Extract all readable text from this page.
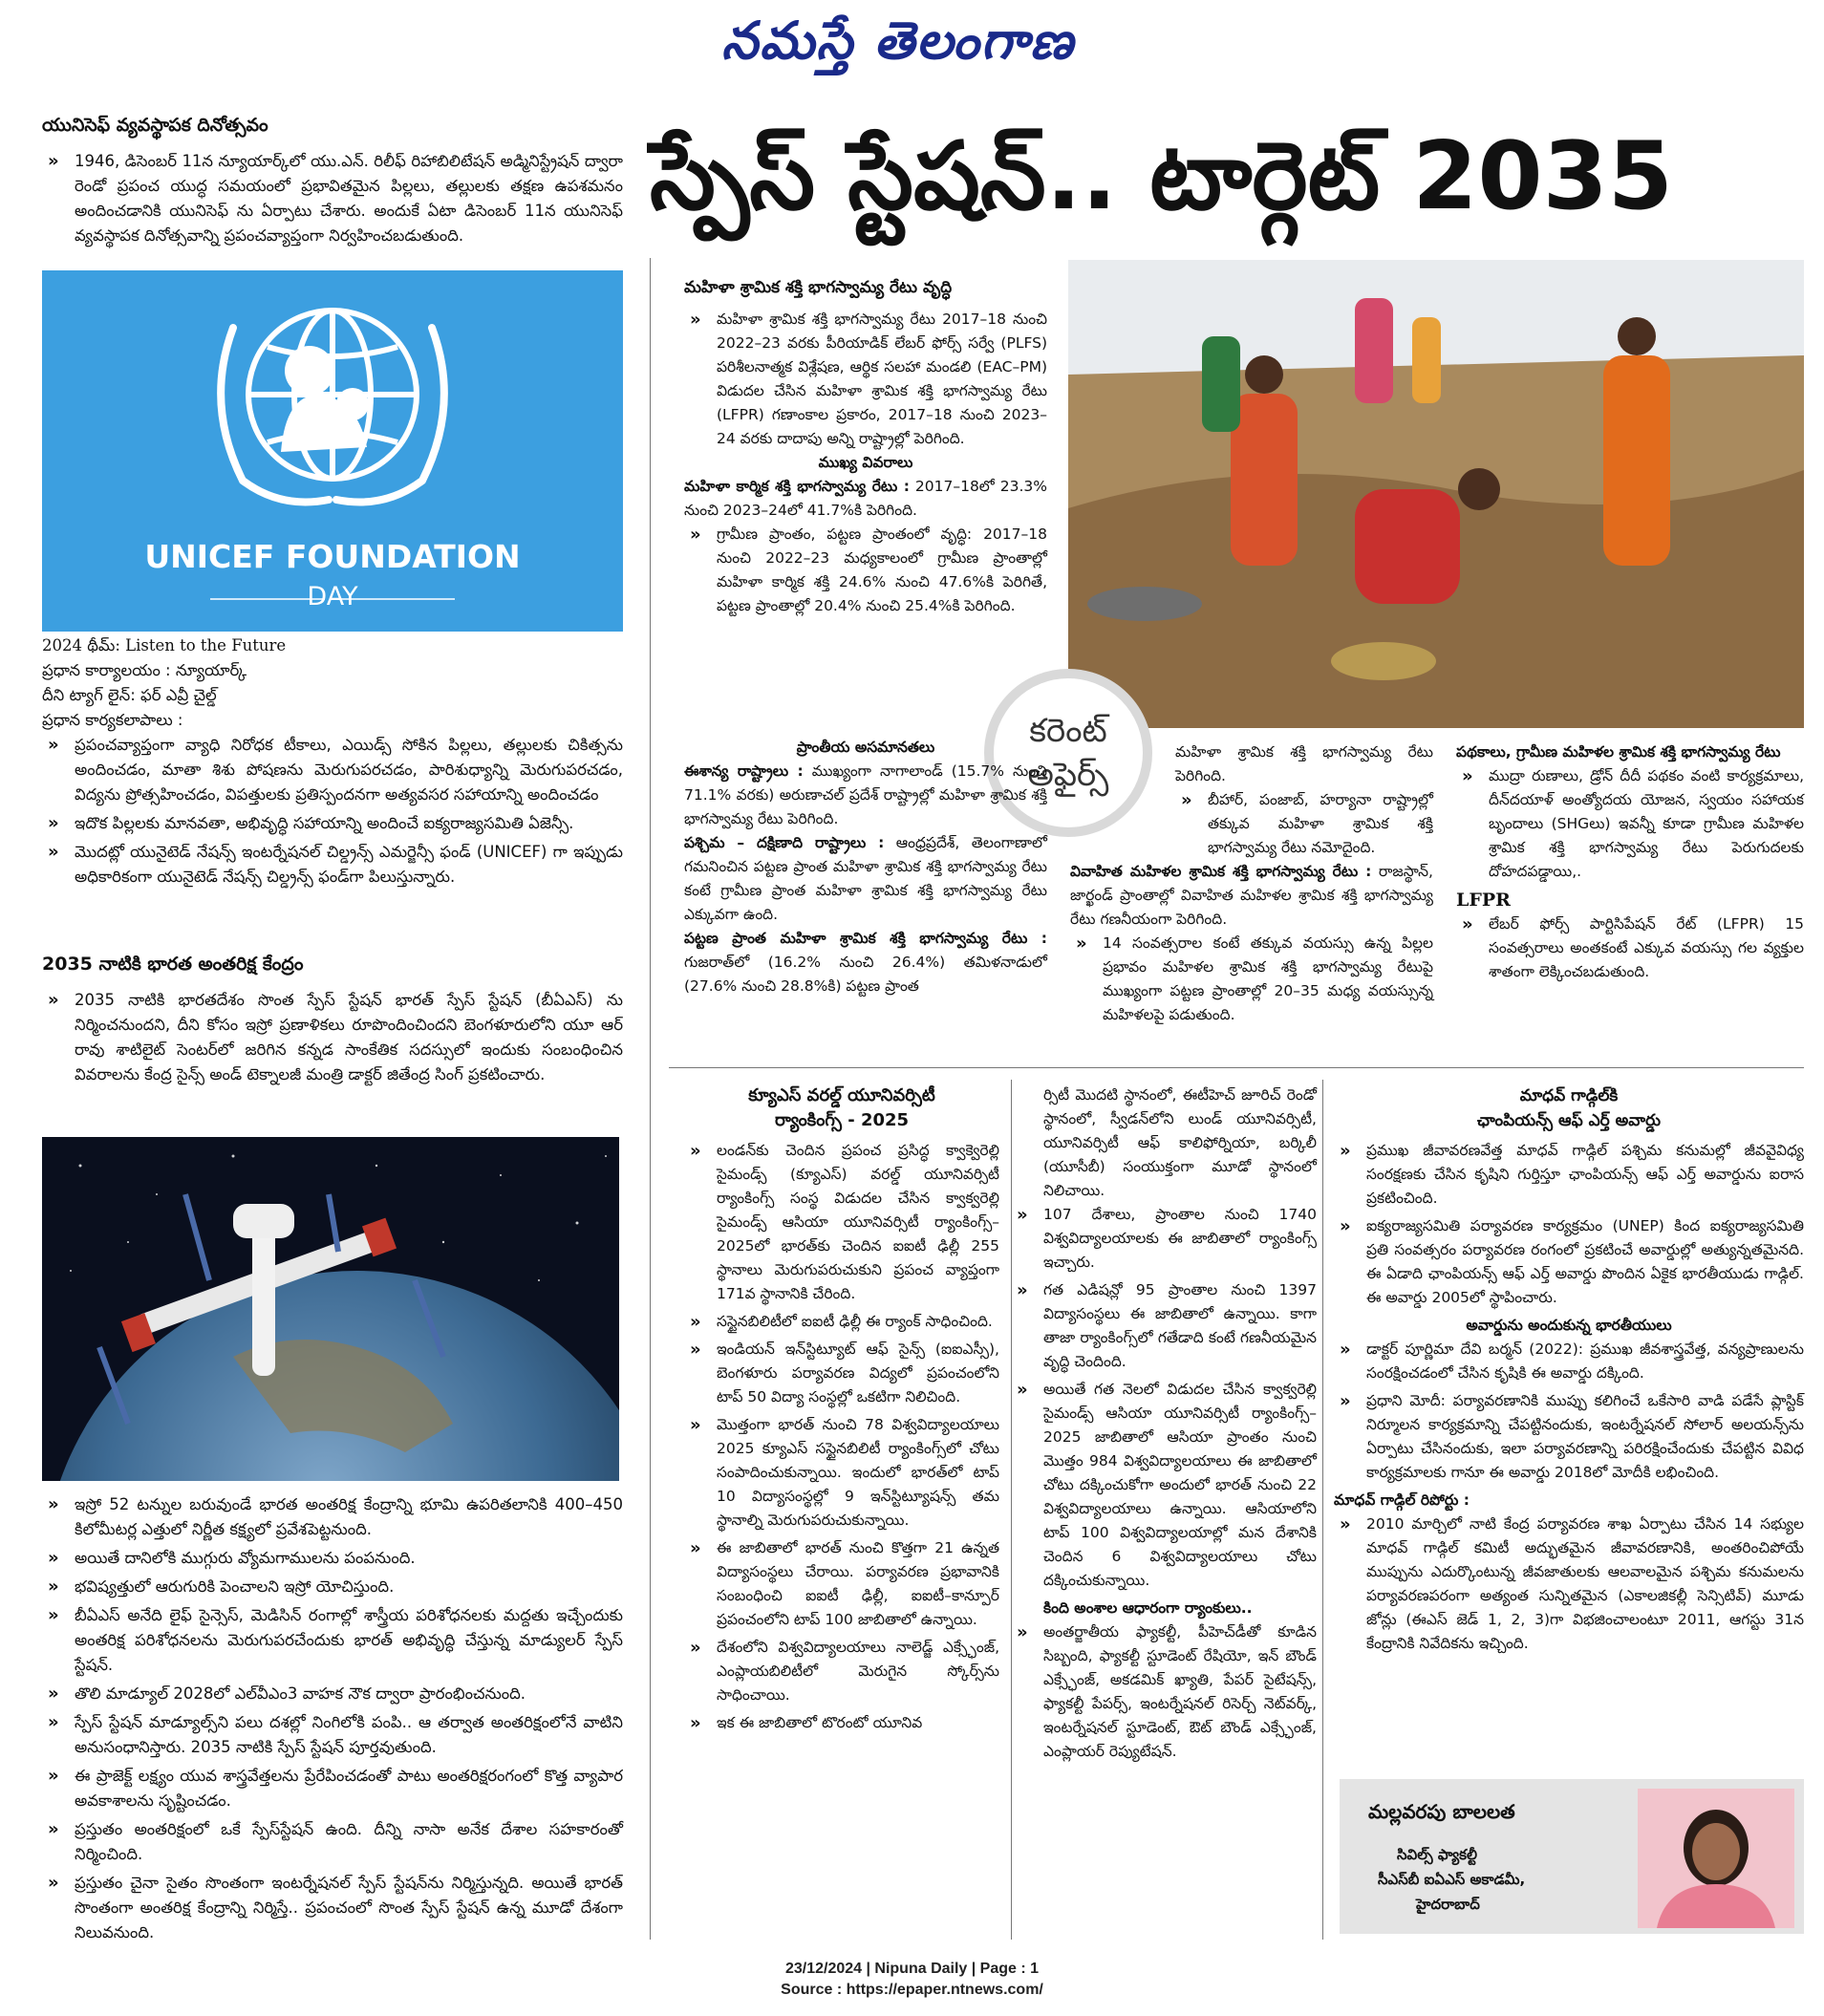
నమస్తే తెలంగాణ
స్పేస్ స్టేషన్.. టార్గెట్ 2035
యునిసెఫ్ వ్యవస్థాపక దినోత్సవం
» 1946, డిసెంబర్ 11న న్యూయార్క్‌లో యు.ఎన్. రిలీఫ్ రిహాబిలిటేషన్ అడ్మినిస్ట్రేషన్ ద్వారా రెండో ప్రపంచ యుద్ధ సమయంలో ప్రభావితమైన పిల్లలు, తల్లులకు తక్షణ ఉపశమనం అందించడానికి యునిసెఫ్ ను ఏర్పాటు చేశారు. అందుకే ఏటా డిసెంబర్ 11న యునిసెఫ్ వ్యవస్థాపక దినోత్సవాన్ని ప్రపంచవ్యాప్తంగా నిర్వహించబడుతుంది.
UNICEF FOUNDATION
DAY
2024 థీమ్: Listen to the Future
ప్రధాన కార్యాలయం : న్యూయార్క్
దీని ట్యాగ్ లైన్: ఫర్ ఎవ్రీ చైల్డ్
ప్రధాన కార్యకలాపాలు :
» ప్రపంచవ్యాప్తంగా వ్యాధి నిరోధక టీకాలు, ఎయిడ్స్ సోకిన పిల్లలు, తల్లులకు చికిత్సను అందించడం, మాతా శిశు పోషణను మెరుగుపరచడం, పారిశుధ్యాన్ని మెరుగుపరచడం, విద్యను ప్రోత్సహించడం, విపత్తులకు ప్రతిస్పందనగా అత్యవసర సహాయాన్ని అందించడం
» ఇదొక పిల్లలకు మానవతా, అభివృద్ధి సహాయాన్ని అందించే ఐక్యరాజ్యసమితి ఏజెన్సీ.
» మొదట్లో యునైటెడ్ నేషన్స్ ఇంటర్నేషనల్ చిల్డ్రన్స్ ఎమర్జెన్సీ ఫండ్ (UNICEF) గా ఇప్పుడు అధికారికంగా యునైటెడ్ నేషన్స్ చిల్డ్రన్స్ ఫండ్‌గా పిలుస్తున్నారు.
2035 నాటికి భారత అంతరిక్ష కేంద్రం
» 2035 నాటికి భారతదేశం సొంత స్పేస్ స్టేషన్ భారత్ స్పేస్ స్టేషన్ (బీఏఎస్) ను నిర్మించనుందని, దీని కోసం ఇస్రో ప్రణాళికలు రూపొందించిందని బెంగళూరులోని యూ ఆర్ రావు శాటిలైట్ సెంటర్‌లో జరిగిన కన్నడ సాంకేతిక సదస్సులో ఇందుకు సంబంధించిన వివరాలను కేంద్ర సైన్స్ అండ్ టెక్నాలజీ మంత్రి డాక్టర్ జితేంద్ర సింగ్ ప్రకటించారు.
» ఇస్రో 52 టన్నుల బరువుండే భారత అంతరిక్ష కేంద్రాన్ని భూమి ఉపరితలానికి 400–450 కిలోమీటర్ల ఎత్తులో నిర్ణీత కక్ష్యలో ప్రవేశపెట్టనుంది.
» అయితే దానిలోకి ముగ్గురు వ్యోమగాములను పంపనుంది.
» భవిష్యత్తులో ఆరుగురికి పెంచాలని ఇస్రో యోచిస్తుంది.
» బీఏఎస్ అనేది లైఫ్ సైన్సెస్, మెడిసిన్ రంగాల్లో శాస్త్రీయ పరిశోధనలకు మద్దతు ఇచ్చేందుకు అంతరిక్ష పరిశోధనలను మెరుగుపరచేందుకు భారత్ అభివృద్ధి చేస్తున్న మాడ్యులర్ స్పేస్ స్టేషన్.
» తొలి మాడ్యూల్ 2028లో ఎల్‌వీఎం3 వాహక నౌక ద్వారా ప్రారంభించనుంది.
» స్పేస్ స్టేషన్ మాడ్యూల్స్‌ని పలు దశల్లో నింగిలోకి పంపి.. ఆ తర్వాత అంతరిక్షంలోనే వాటిని అనుసంధానిస్తారు. 2035 నాటికి స్పేస్ స్టేషన్ పూర్తవుతుంది.
» ఈ ప్రాజెక్ట్ లక్ష్యం యువ శాస్త్రవేత్తలను ప్రేరేపించడంతో పాటు అంతరిక్షరంగంలో కొత్త వ్యాపార అవకాశాలను సృష్టించడం.
» ప్రస్తుతం అంతరిక్షంలో ఒకే స్పేస్‌స్టేషన్ ఉంది. దీన్ని నాసా అనేక దేశాల సహకారంతో నిర్మించింది.
» ప్రస్తుతం చైనా సైతం సొంతంగా ఇంటర్నేషనల్ స్పేస్ స్టేషన్‌ను నిర్మిస్తున్నది. అయితే భారత్ సొంతంగా అంతరిక్ష కేంద్రాన్ని నిర్మిస్తే.. ప్రపంచంలో సొంత స్పేస్ స్టేషన్ ఉన్న మూడో దేశంగా నిలువనుంది.
మహిళా శ్రామిక శక్తి భాగస్వామ్య రేటు వృద్ధి
» మహిళా శ్రామిక శక్తి భాగస్వామ్య రేటు 2017–18 నుంచి 2022–23 వరకు పీరియాడిక్ లేబర్ ఫోర్స్ సర్వే (PLFS) పరిశీలనాత్మక విశ్లేషణ, ఆర్థిక సలహా మండలి (EAC–PM) విడుదల చేసిన మహిళా శ్రామిక శక్తి భాగస్వామ్య రేటు (LFPR) గణాంకాల ప్రకారం, 2017–18 నుంచి 2023–24 వరకు దాదాపు అన్ని రాష్ట్రాల్లో పెరిగింది.
ముఖ్య వివరాలు
మహిళా కార్మిక శక్తి భాగస్వామ్య రేటు : 2017–18లో 23.3% నుంచి 2023–24లో 41.7%కి పెరిగింది.
» గ్రామీణ ప్రాంతం, పట్టణ ప్రాంతంలో వృద్ధి: 2017–18 నుంచి 2022–23 మధ్యకాలంలో గ్రామీణ ప్రాంతాల్లో మహిళా కార్మిక శక్తి 24.6% నుంచి 47.6%కి పెరిగితే, పట్టణ ప్రాంతాల్లో 20.4% నుంచి 25.4%కి పెరిగింది.
కరెంట్
అఫైర్స్
ప్రాంతీయ అసమానతలు
ఈశాన్య రాష్ట్రాలు : ముఖ్యంగా నాగాలాండ్ (15.7% నుంచి 71.1% వరకు) అరుణాచల్ ప్రదేశ్ రాష్ట్రాల్లో మహిళా శ్రామిక శక్తి భాగస్వామ్య రేటు పెరిగింది.
పశ్చిమ – దక్షిణాది రాష్ట్రాలు : ఆంధ్రప్రదేశ్, తెలంగాణాలో గమనించిన పట్టణ ప్రాంత మహిళా శ్రామిక శక్తి భాగస్వామ్య రేటు కంటే గ్రామీణ ప్రాంత మహిళా శ్రామిక శక్తి భాగస్వామ్య రేటు ఎక్కువగా ఉంది.
పట్టణ ప్రాంత మహిళా శ్రామిక శక్తి భాగస్వామ్య రేటు : గుజరాత్‌లో (16.2% నుంచి 26.4%) తమిళనాడులో (27.6% నుంచి 28.8%కి) పట్టణ ప్రాంత
మహిళా శ్రామిక శక్తి భాగస్వామ్య రేటు పెరిగింది.
» బీహార్, పంజాబ్, హర్యానా రాష్ట్రాల్లో తక్కువ మహిళా శ్రామిక శక్తి భాగస్వామ్య రేటు నమోదైంది.
వివాహిత మహిళల శ్రామిక శక్తి భాగస్వామ్య రేటు : రాజస్థాన్, జార్ఖండ్ ప్రాంతాల్లో వివాహిత మహిళల శ్రామిక శక్తి భాగస్వామ్య రేటు గణనీయంగా పెరిగింది.
» 14 సంవత్సరాల కంటే తక్కువ వయస్సు ఉన్న పిల్లల ప్రభావం మహిళల శ్రామిక శక్తి భాగస్వామ్య రేటుపై ముఖ్యంగా పట్టణ ప్రాంతాల్లో 20–35 మధ్య వయస్సున్న మహిళలపై పడుతుంది.
పథకాలు, గ్రామీణ మహిళల శ్రామిక శక్తి భాగస్వామ్య రేటు
» ముద్రా రుణాలు, డ్రోన్ దీదీ పథకం వంటి కార్యక్రమాలు, దీన్‌దయాళ్ అంత్యోదయ యోజన, స్వయం సహాయక బృందాలు (SHGలు) ఇవన్నీ కూడా గ్రామీణ మహిళల శ్రామిక శక్తి భాగస్వామ్య రేటు పెరుగుదలకు దోహదపడ్డాయి,.
LFPR
» లేబర్ ఫోర్స్ పార్టిసిపేషన్ రేట్ (LFPR) 15 సంవత్సరాలు అంతకంటే ఎక్కువ వయస్సు గల వ్యక్తుల శాతంగా లెక్కించబడుతుంది.
క్యూఎస్ వరల్డ్ యూనివర్సిటీ
ర్యాంకింగ్స్ - 2025
» లండన్‌కు చెందిన ప్రపంచ ప్రసిద్ధ క్వాక్వెరెల్లి సైమండ్స్ (క్యూఎస్) వరల్డ్ యూనివర్సిటీ ర్యాంకింగ్స్ సంస్థ విడుదల చేసిన క్వాక్వరెల్లి సైమండ్స్ ఆసియా యూనివర్సిటీ ర్యాంకింగ్స్–2025లో భారత్‌కు చెందిన ఐఐటీ ఢిల్లీ 255 స్థానాలు మెరుగుపరుచుకుని ప్రపంచ వ్యాప్తంగా 171వ స్థానానికి చేరింది.
» సస్టైనబిలిటీలో ఐఐటీ ఢిల్లీ ఈ ర్యాంక్ సాధించింది.
» ఇండియన్ ఇన్‌స్టిట్యూట్ ఆఫ్ సైన్స్ (ఐఐఎస్సీ), బెంగళూరు పర్యావరణ విద్యలో ప్రపంచంలోని టాప్ 50 విద్యా సంస్థల్లో ఒకటిగా నిలిచింది.
» మొత్తంగా భారత్ నుంచి 78 విశ్వవిద్యాలయాలు 2025 క్యూఎస్ సస్టైనబిలిటీ ర్యాంకింగ్స్‌లో చోటు సంపాదించుకున్నాయి. ఇందులో భారత్‌లో టాప్ 10 విద్యాసంస్థల్లో 9 ఇన్‌స్టిట్యూషన్స్ తమ స్థానాల్ని మెరుగుపరుచుకున్నాయి.
» ఈ జాబితాలో భారత్ నుంచి కొత్తగా 21 ఉన్నత విద్యాసంస్థలు చేరాయి. పర్యావరణ ప్రభావానికి సంబంధించి ఐఐటీ ఢిల్లీ, ఐఐటీ–కాన్పూర్ ప్రపంచంలోని టాప్ 100 జాబితాలో ఉన్నాయి.
» దేశంలోని విశ్వవిద్యాలయాలు నాలెడ్జ్ ఎక్స్ఛేంజ్, ఎంప్లాయబిలిటీలో మెరుగైన స్కోర్స్‌ను సాధించాయి.
» ఇక ఈ జాబితాలో టొరంటో యూనివ
ర్సిటీ మొదటి స్థానంలో, ఈటీహెచ్ జూరిచ్ రెండో స్థానంలో, స్వీడన్‌లోని లుండ్ యూనివర్సిటీ, యూనివర్సిటీ ఆఫ్ కాలిఫోర్నియా, బర్కిలీ (యూసీబీ) సంయుక్తంగా మూడో స్థానంలో నిలిచాయి.
» 107 దేశాలు, ప్రాంతాల నుంచి 1740 విశ్వవిద్యాలయాలకు ఈ జాబితాలో ర్యాంకింగ్స్ ఇచ్చారు.
» గత ఎడిషన్లో 95 ప్రాంతాల నుంచి 1397 విద్యాసంస్థలు ఈ జాబితాలో ఉన్నాయి. కాగా తాజా ర్యాంకింగ్స్‌లో గతేడాది కంటే గణనీయమైన వృద్ధి చెందింది.
» అయితే గత నెలలో విడుదల చేసిన క్వాక్వరెల్లి సైమండ్స్ ఆసియా యూనివర్సిటీ ర్యాంకింగ్స్–2025 జాబితాలో ఆసియా ప్రాంతం నుంచి మొత్తం 984 విశ్వవిద్యాలయాలు ఈ జాబితాలో చోటు దక్కించుకోగా అందులో భారత్ నుంచి 22 విశ్వవిద్యాలయాలు ఉన్నాయి. ఆసియాలోని టాప్ 100 విశ్వవిద్యాలయాల్లో మన దేశానికి చెందిన 6 విశ్వవిద్యాలయాలు చోటు దక్కించుకున్నాయి.
కింది అంశాల ఆధారంగా ర్యాంకులు..
» అంతర్జాతీయ ఫ్యాకల్టీ, పీహెచ్‌డీతో కూడిన సిబ్బంది, ఫ్యాకల్టీ స్టూడెంట్ రేషియో, ఇన్ బౌండ్ ఎక్స్ఛేంజ్, అకడమిక్ ఖ్యాతి, పేపర్ సైటేషన్స్, ఫ్యాకల్టీ పేపర్స్, ఇంటర్నేషనల్ రిసెర్చ్ నెట్‌వర్క్, ఇంటర్నేషనల్ స్టూడెంట్, ఔట్ బౌండ్ ఎక్స్ఛేంజ్, ఎంప్లాయర్ రెప్యుటేషన్.
మాధవ్ గాడ్గిల్‌కి
ఛాంపియన్స్ ఆఫ్ ఎర్త్ అవార్డు
» ప్రముఖ జీవావరణవేత్త మాధవ్ గాడ్గిల్ పశ్చిమ కనుమల్లో జీవవైవిధ్య సంరక్షణకు చేసిన కృషిని గుర్తిస్తూ ఛాంపియన్స్ ఆఫ్ ఎర్త్ అవార్డును ఐరాస ప్రకటించింది.
» ఐక్యరాజ్యసమితి పర్యావరణ కార్యక్రమం (UNEP) కింద ఐక్యరాజ్యసమితి ప్రతి సంవత్సరం పర్యావరణ రంగంలో ప్రకటించే అవార్డుల్లో అత్యున్నతమైనది. ఈ ఏడాది ఛాంపియన్స్ ఆఫ్ ఎర్త్ అవార్డు పొందిన ఏకైక భారతీయుడు గాడ్గిల్. ఈ అవార్డు 2005లో స్థాపించారు.
అవార్డును అందుకున్న భారతీయులు
» డాక్టర్ పూర్ణిమా దేవి బర్మన్ (2022): ప్రముఖ జీవశాస్త్రవేత్త, వన్యప్రాణులను సంరక్షించడంలో చేసిన కృషికి ఈ అవార్డు దక్కింది.
» ప్రధాని మోదీ: పర్యావరణానికి ముప్పు కలిగించే ఒకేసారి వాడి పడేసే ప్లాస్టిక్ నిర్మూలన కార్యక్రమాన్ని చేపట్టినందుకు, ఇంటర్నేషనల్ సోలార్ అలయన్స్‌ను ఏర్పాటు చేసినందుకు, ఇలా పర్యావరణాన్ని పరిరక్షించేందుకు చేపట్టిన వివిధ కార్యక్రమాలకు గానూ ఈ అవార్డు 2018లో మోదీకి లభించింది.
మాధవ్ గాడ్గిల్ రిపోర్టు :
» 2010 మార్చిలో నాటి కేంద్ర పర్యావరణ శాఖ ఏర్పాటు చేసిన 14 సభ్యుల మాధవ్ గాడ్గిల్ కమిటీ అద్భుతమైన జీవావరణానికి, అంతరించిపోయే ముప్పును ఎదుర్కొంటున్న జీవజాతులకు ఆలవాలమైన పశ్చిమ కనుమలను పర్యావరణపరంగా అత్యంత సున్నితమైన (ఎకాలజికల్లీ సెన్సిటివ్) మూడు జోన్లు (ఈఎస్ జెడ్ 1, 2, 3)గా విభజించాలంటూ 2011, ఆగస్టు 31న కేంద్రానికి నివేదికను ఇచ్చింది.
మల్లవరపు బాలలత
సివిల్స్ ఫ్యాకల్టీ
సీఎస్‌బీ ఐఏఎస్ అకాడమీ,
హైదరాబాద్
23/12/2024 | Nipuna Daily | Page : 1
Source : https://epaper.ntnews.com/
